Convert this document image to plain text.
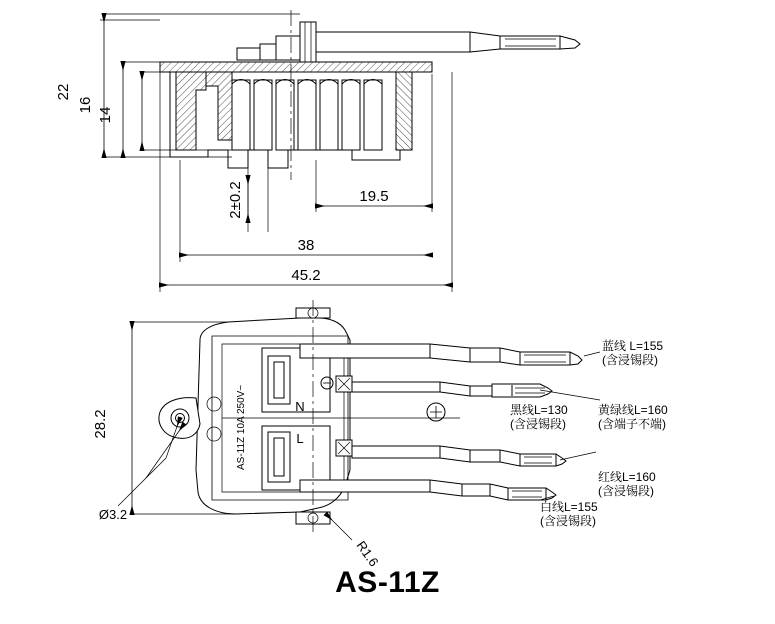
22
16
14
2±0.2	19.5
38
45.2
28.2
Ø3.2
R1.6
N
L
AS-11Z 10A 250V~
蓝线 L=155
(含浸锡段)
黑线L=130
(含浸锡段)
黄绿线L=160
(含端子不端)
红线L=160
(含浸锡段)
白线L=155
(含浸锡段)
AS-11Z
